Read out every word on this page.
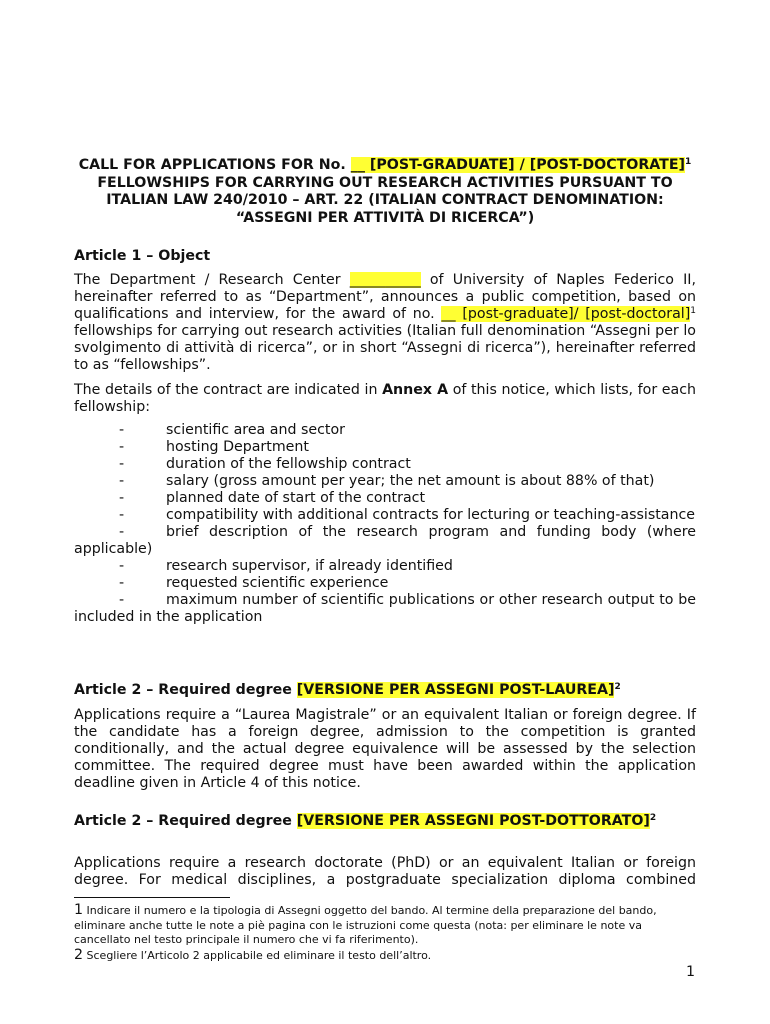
CALL FOR APPLICATIONS FOR No. __ [POST-GRADUATE] / [POST-DOCTORATE]$^1$ FELLOWSHIPS FOR CARRYING OUT RESEARCH ACTIVITIES PURSUANT TO ITALIAN LAW 240/2010 – ART. 22 (ITALIAN CONTRACT DENOMINATION: “ASSEGNI PER ATTIVITÀ DI RICERCA”)
Article 1 – Object
The Department / Research Center __________ of University of Naples Federico II, hereinafter referred to as “Department”, announces a public competition, based on qualifications and interview, for the award of no. __ [post-graduate]/ [post-doctoral]$^1$ fellowships for carrying out research activities (Italian full denomination “Assegni per lo svolgimento di attività di ricerca”, or in short “Assegni di ricerca”), hereinafter referred to as “fellowships”.
The details of the contract are indicated in Annex A of this notice, which lists, for each fellowship:
-	scientific area and sector
-	hosting Department
-	duration of the fellowship contract
-	salary (gross amount per year; the net amount is about 88% of that)
-	planned date of start of the contract
-	compatibility with additional contracts for lecturing or teaching-assistance
-	brief description of the research program and funding body (where applicable)
-	research supervisor, if already identified
-	requested scientific experience
-	maximum number of scientific publications or other research output to be included in the application
Article 2 – Required degree [VERSIONE PER ASSEGNI POST-LAUREA]$^2$
Applications require a “Laurea Magistrale” or an equivalent Italian or foreign degree. If the candidate has a foreign degree, admission to the competition is granted conditionally, and the actual degree equivalence will be assessed by the selection committee. The required degree must have been awarded within the application deadline given in Article 4 of this notice.
Article 2 – Required degree [VERSIONE PER ASSEGNI POST-DOTTORATO]$^2$
Applications require a research doctorate (PhD) or an equivalent Italian or foreign degree. For medical disciplines, a postgraduate specialization diploma combined
1 Indicare il numero e la tipologia di Assegni oggetto del bando. Al termine della preparazione del bando, eliminare anche tutte le note a piè pagina con le istruzioni come questa (nota: per eliminare le note va cancellato nel testo principale il numero che vi fa riferimento).
2 Scegliere l’Articolo 2 applicabile ed eliminare il testo dell’altro.
1
